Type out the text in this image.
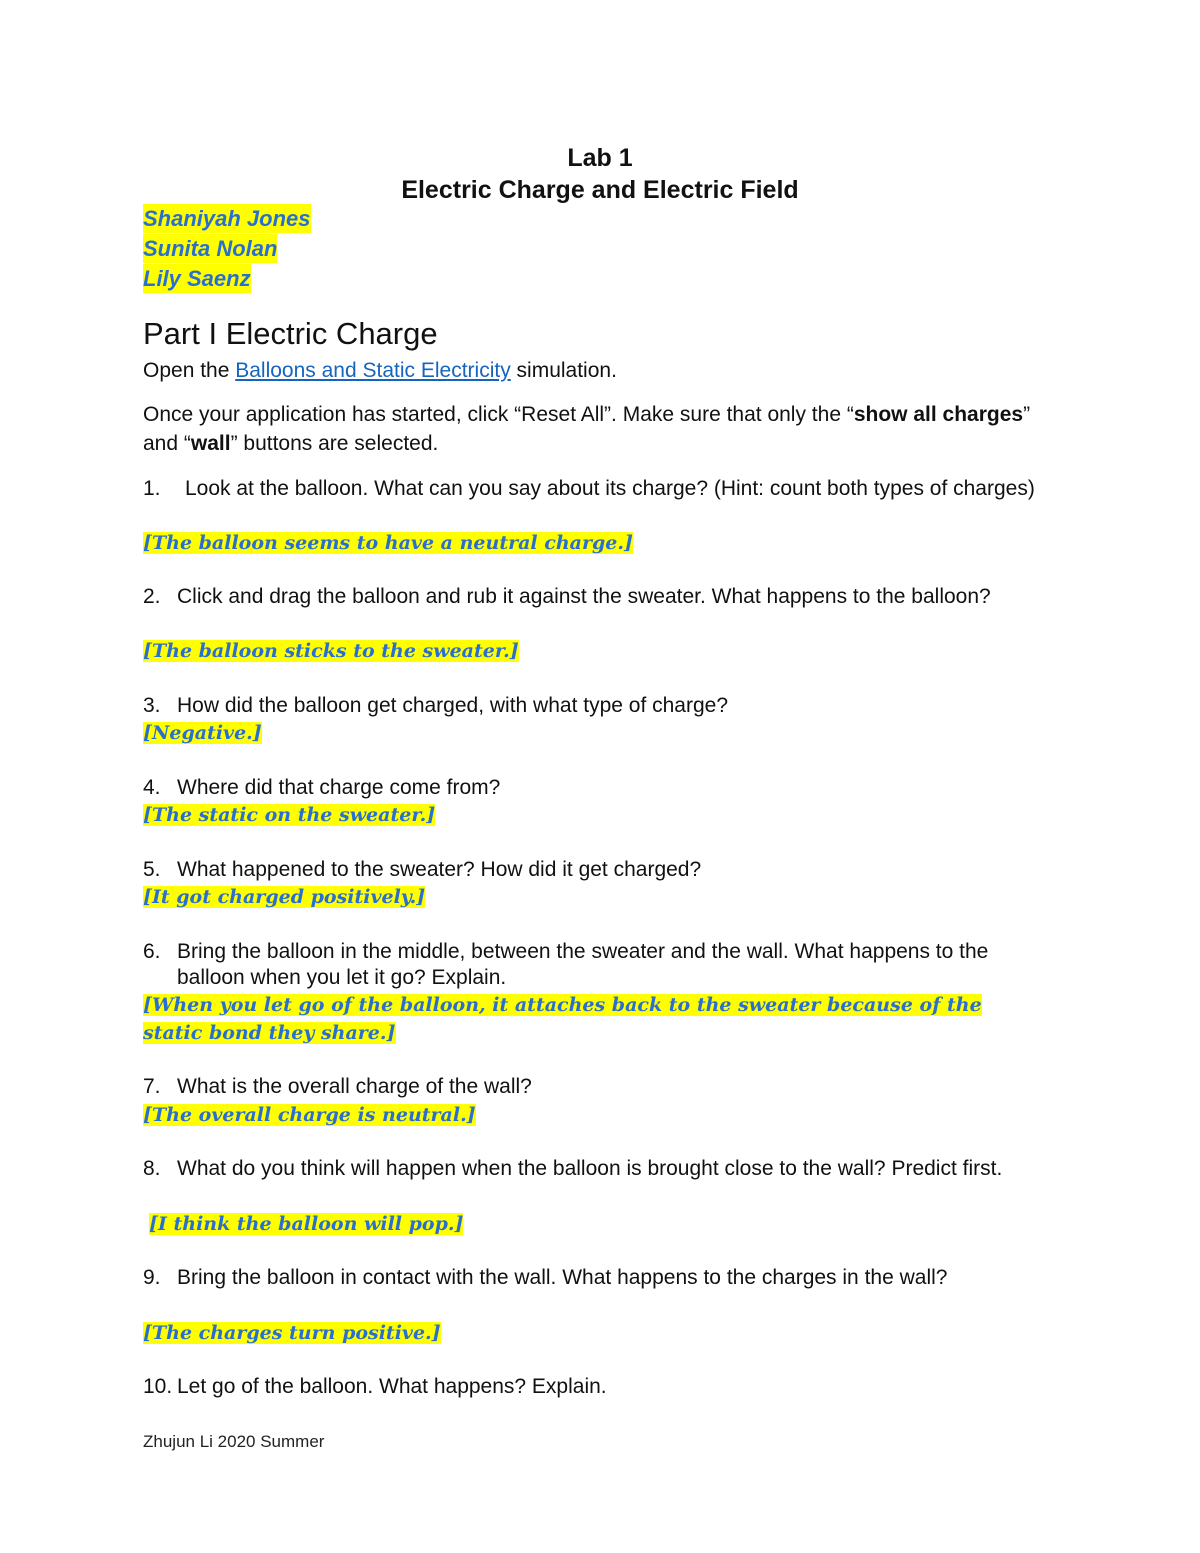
Lab 1
Electric Charge and Electric Field
Shaniyah Jones
Sunita Nolan
Lily Saenz
Part I Electric Charge
Open the Balloons and Static Electricity simulation.
Once your application has started, click “Reset All”. Make sure that only the “show all charges” and “wall” buttons are selected.
1.	Look at the balloon. What can you say about its charge? (Hint: count both types of charges)
[The balloon seems to have a neutral charge.]
2. Click and drag the balloon and rub it against the sweater. What happens to the balloon?
[The balloon sticks to the sweater.]
3. How did the balloon get charged, with what type of charge?
[Negative.]
4. Where did that charge come from?
[The static on the sweater.]
5. What happened to the sweater? How did it get charged?
[It got charged positively.]
6. Bring the balloon in the middle, between the sweater and the wall. What happens to the balloon when you let it go? Explain.
[When you let go of the balloon, it attaches back to the sweater because of the static bond they share.]
7. What is the overall charge of the wall?
[The overall charge is neutral.]
8. What do you think will happen when the balloon is brought close to the wall? Predict first.
[I think the balloon will pop.]
9. Bring the balloon in contact with the wall. What happens to the charges in the wall?
[The charges turn positive.]
10. Let go of the balloon. What happens? Explain.
Zhujun Li 2020 Summer
